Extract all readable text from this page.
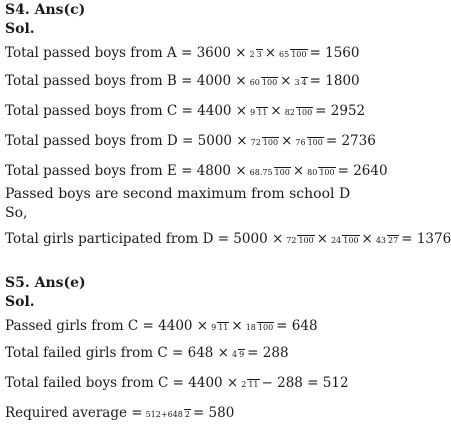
S4. Ans(c)
Sol.
Total passed boys from A = 3600 × 2 3 × 65 100 = 1560
Total passed boys from B = 4000 × 60 100 × 3 4 = 1800
Total passed boys from C = 4400 × 9 11 × 82 100 = 2952
Total passed boys from D = 5000 × 72 100 × 76 100 = 2736
Total passed boys from E = 4800 × 68.75 100 × 80 100 = 2640
Passed boys are second maximum from school D
So,
Total girls participated from D = 5000 × 72 100 × 24 100 × 43 27 = 1376
S5. Ans(e)
Sol.
Passed girls from C = 4400 × 9 11 × 18 100 = 648
Total failed girls from C = 648 × 4 9 = 288
Total failed boys from C = 4400 × 2 11 − 288 = 512
Required average = 512+648 2 = 580
